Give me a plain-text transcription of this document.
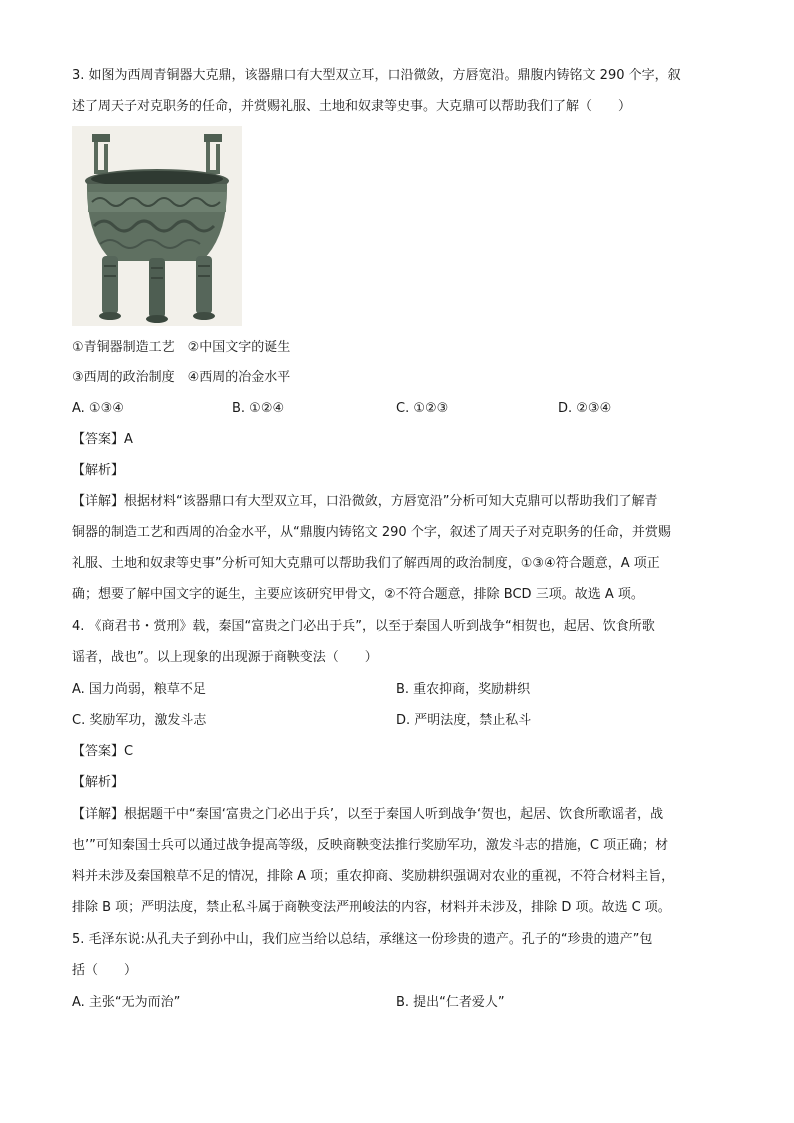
3. 如图为西周青铜器大克鼎，该器鼎口有大型双立耳，口沿微敛，方唇宽沿。鼎腹内铸铭文 290 个字，叙
述了周天子对克职务的任命，并赏赐礼服、土地和奴隶等史事。大克鼎可以帮助我们了解（　　）
①青铜器制造工艺　②中国文字的诞生
③西周的政治制度　④西周的冶金水平
A. ①③④	B. ①②④	C. ①②③	D. ②③④
【答案】A
【解析】
【详解】根据材料“该器鼎口有大型双立耳，口沿微敛，方唇宽沿”分析可知大克鼎可以帮助我们了解青
铜器的制造工艺和西周的冶金水平，从“鼎腹内铸铭文 290 个字，叙述了周天子对克职务的任命，并赏赐
礼服、土地和奴隶等史事”分析可知大克鼎可以帮助我们了解西周的政治制度，①③④符合题意，A 项正
确；想要了解中国文字的诞生，主要应该研究甲骨文，②不符合题意，排除 BCD 三项。故选 A 项。
4. 《商君书・赏刑》载，秦国“富贵之门必出于兵”，以至于秦国人听到战争“相贺也，起居、饮食所歌
谣者，战也”。以上现象的出现源于商鞅变法（　　）
A. 国力尚弱，粮草不足	B. 重农抑商，奖励耕织
C. 奖励军功，激发斗志	D. 严明法度，禁止私斗
【答案】C
【解析】
【详解】根据题干中“秦国‘富贵之门必出于兵’，以至于秦国人听到战争‘贺也，起居、饮食所歌谣者，战
也’”可知秦国士兵可以通过战争提高等级，反映商鞅变法推行奖励军功，激发斗志的措施，C 项正确；材
料并未涉及秦国粮草不足的情况，排除 A 项；重农抑商、奖励耕织强调对农业的重视，不符合材料主旨，
排除 B 项；严明法度，禁止私斗属于商鞅变法严刑峻法的内容，材料并未涉及，排除 D 项。故选 C 项。
5. 毛泽东说:从孔夫子到孙中山，我们应当给以总结，承继这一份珍贵的遗产。孔子的“珍贵的遗产”包
括（　　）
A. 主张“无为而治”	B. 提出“仁者爱人”
